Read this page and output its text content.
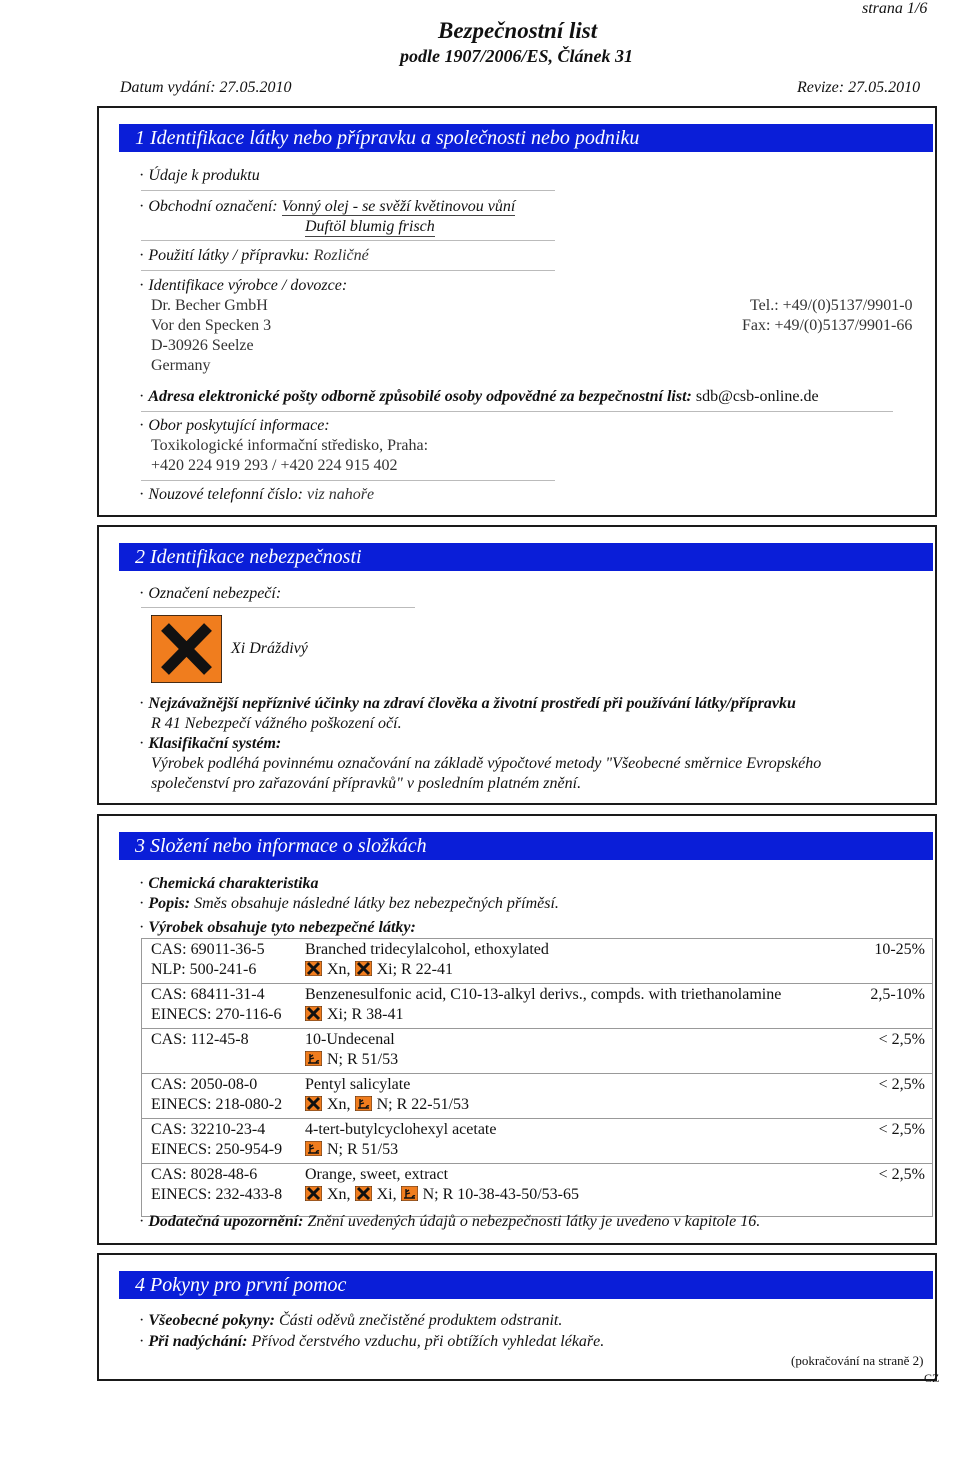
Bezpečnostní list
podle 1907/2006/ES, Článek 31
strana 1/6
Datum vydání: 27.05.2010	Revize: 27.05.2010
1 Identifikace látky nebo přípravku a společnosti nebo podniku
· Údaje k produktu
· Obchodní označení: Vonný olej - se svěží květinovou vůní
Duftöl blumig frisch
· Použití látky / přípravku: Rozličné
· Identifikace výrobce / dovozce:
Dr. Becher GmbH
Vor den Specken 3
D-30926 Seelze
Germany
Tel.: +49/(0)5137/9901-0
Fax: +49/(0)5137/9901-66
· Adresa elektronické pošty odborně způsobilé osoby odpovědné za bezpečnostní list: sdb@csb-online.de
· Obor poskytující informace:
Toxikologické informační středisko, Praha:
+420 224 919 293 / +420 224 915 402
· Nouzové telefonní číslo: viz nahoře
2 Identifikace nebezpečnosti
· Označení nebezpečí:
Xi Dráždivý
· Nejzávažnější nepříznivé účinky na zdraví člověka a životní prostředí při používání látky/přípravku
R 41 Nebezpečí vážného poškození očí.
· Klasifikační systém:
Výrobek podléhá povinnému označování na základě výpočtové metody "Všeobecné směrnice Evropského
společenství pro zařazování přípravků" v posledním platném znění.
3 Složení nebo informace o složkách
· Chemická charakteristika
· Popis: Směs obsahuje následné látky bez nebezpečných příměsí.
· Výrobek obsahuje tyto nebezpečné látky:
CAS: 69011-36-5
NLP: 500-241-6
Branched tridecylalcohol, ethoxylated	10-25%
Xn, Xi; R 22-41
CAS: 68411-31-4
EINECS: 270-116-6
Benzenesulfonic acid, C10-13-alkyl derivs., compds. with triethanolamine	2,5-10%
Xi; R 38-41
CAS: 112-45-8	10-Undecenal	< 2,5%
N; R 51/53
CAS: 2050-08-0
EINECS: 218-080-2
Pentyl salicylate	< 2,5%
Xn, N; R 22-51/53
CAS: 32210-23-4
EINECS: 250-954-9
4-tert-butylcyclohexyl acetate	< 2,5%
N; R 51/53
CAS: 8028-48-6
EINECS: 232-433-8
Orange, sweet, extract	< 2,5%
Xn, Xi, N; R 10-38-43-50/53-65
· Dodatečná upozornění: Znění uvedených údajů o nebezpečnosti látky je uvedeno v kapitole 16.
4 Pokyny pro první pomoc
· Všeobecné pokyny: Části oděvů znečistěné produktem odstranit.
· Při nadýchání: Přívod čerstvého vzduchu, při obtížích vyhledat lékaře.
(pokračování na straně 2)
CZ
